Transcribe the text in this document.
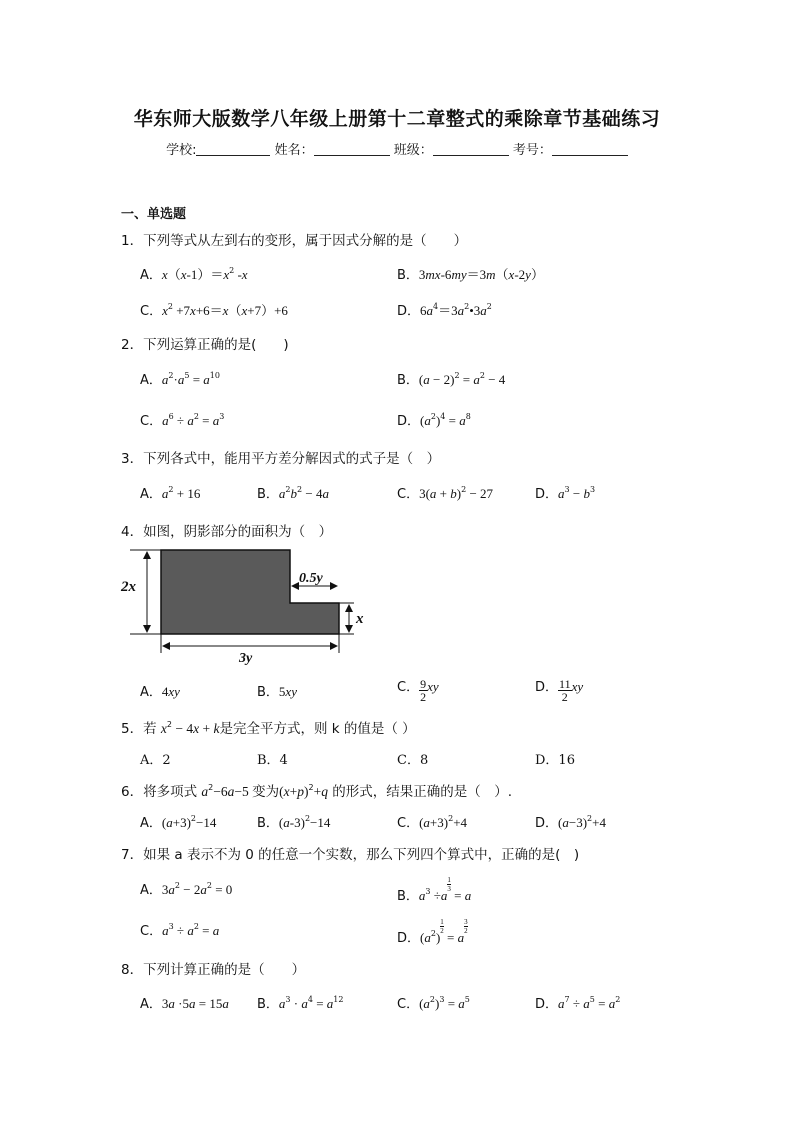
华东师大版数学八年级上册第十二章整式的乘除章节基础练习
学校:	姓名：	班级：	考号：
一、单选题
1．下列等式从左到右的变形，属于因式分解的是（　　）
A．$x(x-1)=x^2$ -x	B．3mx-6my＝3m（x-2y）
C．$x^2 +7x+6=x(x+7)+6$	D．$6a^4=3a^2•3a^2$
2．下列运算正确的是(　　)
A．$a^2\cdot a^5 = a^{10}$	B．$(a - 2)^2 = a^2 - 4$
C．$a^6 \div a^2 = a^3$	D．$(a^2)^4 = a^8$
3．下列各式中，能用平方差分解因式的式子是（　）
A．$a^2 + 16$	B．$a^2b^2 - 4a$	C．$3(a + b)^2 - 27$	D．$a^3 - b^3$
4．如图，阴影部分的面积为（　）
2x
0.5y
x
3y
A．4xy	B．5xy	C． $\frac{9}{2}$ xy	D． $\frac{11}{2}$ xy
5．若 $x^2 - 4x + k$是完全平方式，则 k 的值是（ ）
A．2	B．4	C．8	D．16
6．将多项式 $a^2-6a-5$ 变为$(x+p)^2+q$ 的形式，结果正确的是（　）.
A．$(a+3)^2-14$	B．$(a-3)^2-14$	C．$(a+3)^2+4$	D．$(a-3)^2+4$
7．如果 a 表示不为 0 的任意一个实数，那么下列四个算式中，正确的是(　)
A．$3a^2 - 2a^2 = 0$	B．$a^3 \div a$
$\frac{1}{3}$
= a
C．$a^3 \div a^2 = a$
D．$(a^2)$
$\frac{1}{2}$
= a
$\frac{3}{2}$
8．下列计算正确的是（　　）
A．3a ·5a = 15a B．$a^3 \cdot a^4 = a^{12}$	C．$(a^2)^3 = a^5$	D．$a^7 \div a^5 = a^2$
